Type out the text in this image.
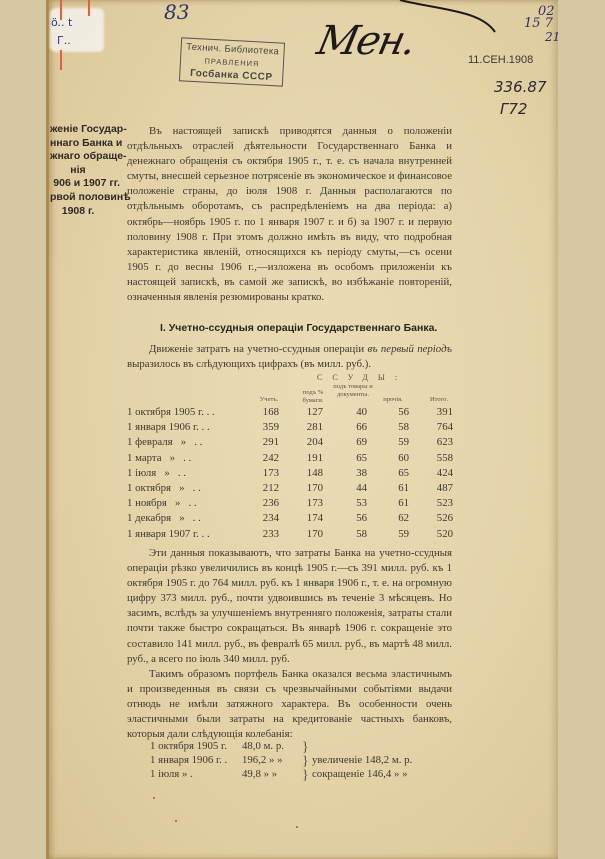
ö.. t
Г..
83
Технич. Библиотека
ПРАВЛЕНИЯ
Госбанка СССР
Мен.
02
15 7
21
11.СЕН.1908
336.87
Г72
женіе Государ-
ннаго Банка и
жнаго обраще-
нія
906 и 1907 гг.
рвой половинѣ
1908 г.
Въ настоящей запискѣ приводятся данныя о положеніи отдѣльныхъ отраслей дѣятельности Государственнаго Банка и денежнаго обращенія съ октября 1905 г., т. е. съ начала внутренней смуты, внесшей серьезное потрясеніе въ экономическое и финансовое положеніе страны, до іюля 1908 г. Данныя располагаются по отдѣльнымъ оборотамъ, съ распредѣленіемъ на два періода: а) октябрь—ноябрь 1905 г. по 1 января 1907 г. и б) за 1907 г. и первую половину 1908 г. При этомъ должно имѣть въ виду, что подробная характеристика явленій, относящихся къ періоду смуты,—съ осени 1905 г. до весны 1906 г.,—изложена въ особомъ приложеніи къ настоящей запискѣ, въ самой же запискѣ, во избѣжаніе повтореній, означенныя явленія резюмированы кратко.
I. Учетно-ссудныя операціи Государственнаго Банка.
Движеніе затратъ на учетно-ссудныя операціи въ первый періодъ выразилось въ слѣдующихъ цифрахъ (въ милл. руб.).
ССУДЫ:
Учетъ.
подъ % бумаги.
подъ товары и документы.
прочія.	Итого.
1 октября 1905 г. . .	168	127	40	56	391
1 января 1906 г. . .	359	281	66	58	764
1 февраля   »   . .	291	204	69	59	623
1 марта   »   . .	242	191	65	60	558
1 іюля   »   . .	173	148	38	65	424
1 октября   »   . .	212	170	44	61	487
1 ноября   »   . .	236	173	53	61	523
1 декабря   »   . .	234	174	56	62	526
1 января 1907 г. . .	233	170	58	59	520
Эти данныя показываютъ, что затраты Банка на учетно-ссудныя операціи рѣзко увеличились въ концѣ 1905 г.—съ 391 милл. руб. къ 1 октября 1905 г. до 764 милл. руб. къ 1 января 1906 г., т. е. на огромную цифру 373 милл. руб., почти удвоившись въ теченіе 3 мѣсяцевъ. Но засимъ, вслѣдъ за улучшеніемъ внутренняго положенія, затраты стали почти также быстро сокращаться. Въ январѣ 1906 г. сокращеніе это составило 141 милл. руб., въ февралѣ 65 милл. руб., въ мартѣ 48 милл. руб., а всего по іюль 340 милл. руб.
Такимъ образомъ портфель Банка оказался весьма эластичнымъ и произведенныя въ связи съ чрезвычайными событіями выдачи отнюдь не имѣли затяжного характера. Въ особенности очень эластичными были затраты на кредитованіе частныхъ банковъ, которыя дали слѣдующія колебанія:
1 октября 1905 г. 48,0 м. р. }
1 января 1906 г. . 196,2 » » } увеличеніе 148,2 м. р.
1 іюля » .	49,8 » » } сокращеніе 146,4 » »
